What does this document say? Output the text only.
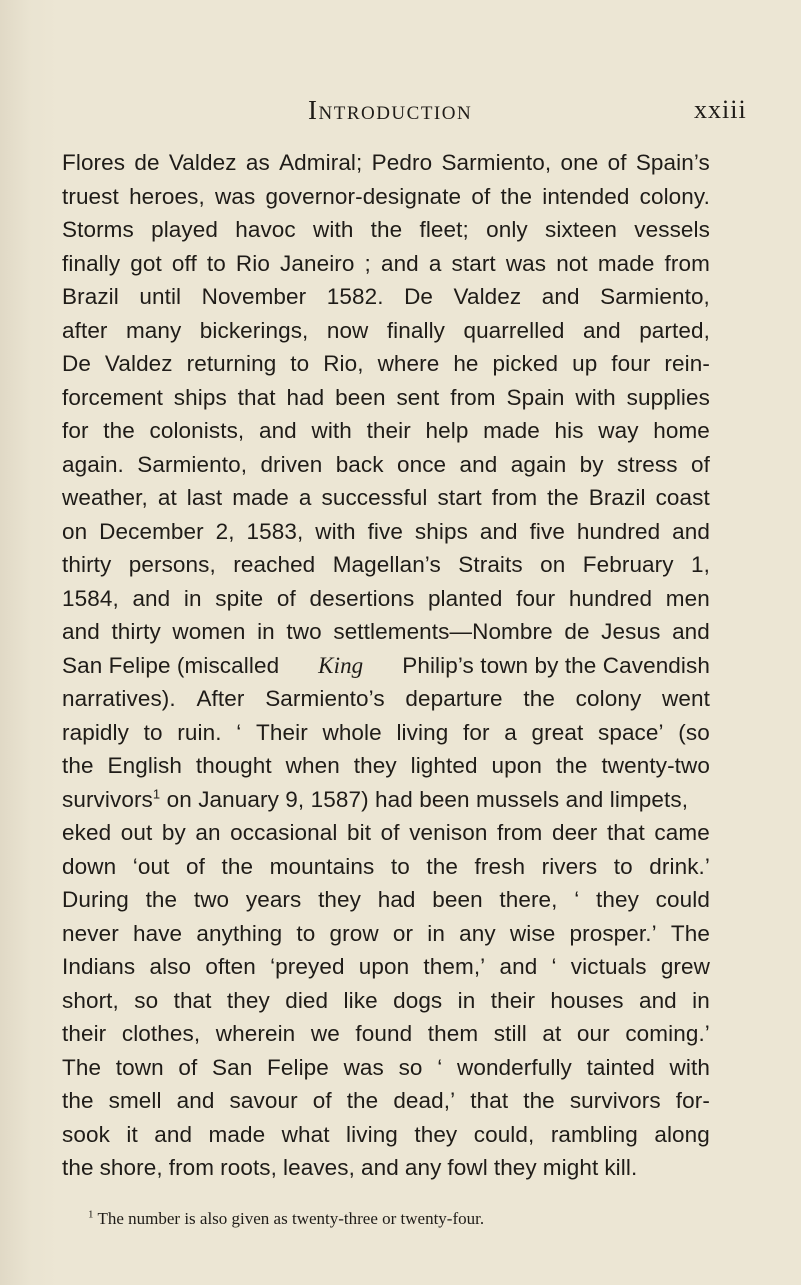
Introduction	xxiii
Flores de Valdez as Admiral; Pedro Sarmiento, one of Spain’s
truest heroes, was governor-designate of the intended colony.
Storms played havoc with the fleet; only sixteen vessels
finally got off to Rio Janeiro ; and a start was not made from
Brazil until November 1582. De Valdez and Sarmiento,
after many bickerings, now finally quarrelled and parted,
De Valdez returning to Rio, where he picked up four rein-
forcement ships that had been sent from Spain with supplies
for the colonists, and with their help made his way home
again. Sarmiento, driven back once and again by stress of
weather, at last made a successful start from the Brazil coast
on December 2, 1583, with five ships and five hundred and
thirty persons, reached Magellan’s Straits on February 1,
1584, and in spite of desertions planted four hundred men
and thirty women in two settlements—Nombre de Jesus and
San Felipe (miscalled King Philip’s town by the Cavendish
narratives). After Sarmiento’s departure the colony went
rapidly to ruin. ‘ Their whole living for a great space’ (so
the English thought when they lighted upon the twenty-two
survivors$^1$ on January 9, 1587) had been mussels and limpets,
eked out by an occasional bit of venison from deer that came
down ‘out of the mountains to the fresh rivers to drink.’
During the two years they had been there, ‘ they could
never have anything to grow or in any wise prosper.’ The
Indians also often ‘preyed upon them,’ and ‘ victuals grew
short, so that they died like dogs in their houses and in
their clothes, wherein we found them still at our coming.’
The town of San Felipe was so ‘ wonderfully tainted with
the smell and savour of the dead,’ that the survivors for-
sook it and made what living they could, rambling along
the shore, from roots, leaves, and any fowl they might kill.
$^1$ The number is also given as twenty-three or twenty-four.
